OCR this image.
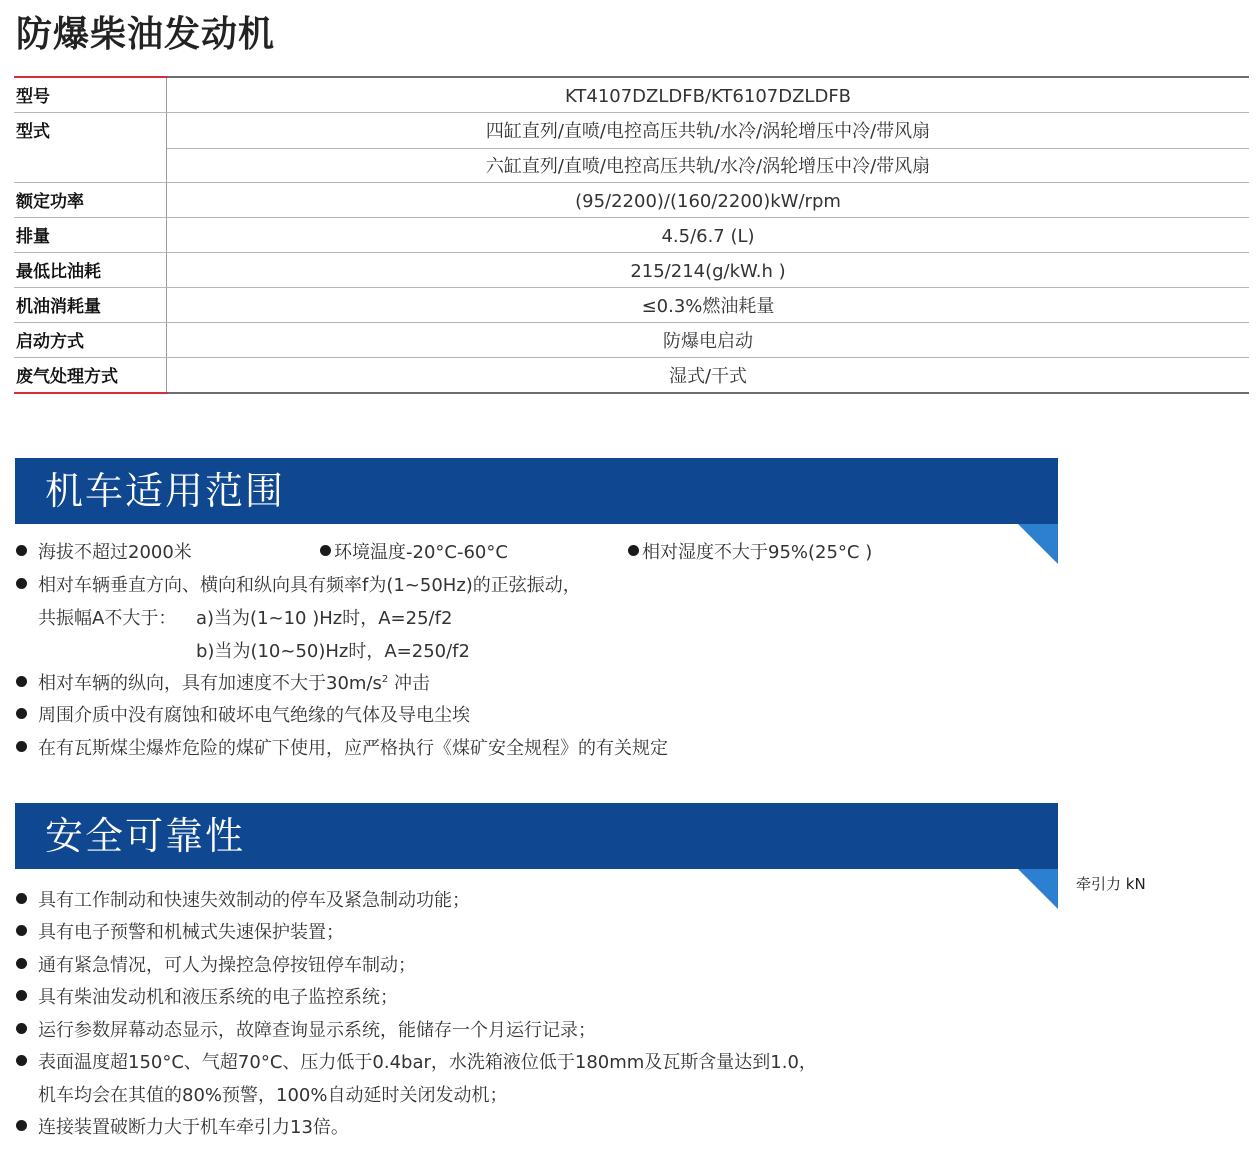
防爆柴油发动机
型号	KT4107DZLDFB/KT6107DZLDFB
型式	四缸直列/直喷/电控高压共轨/水冷/涡轮增压中冷/带风扇
六缸直列/直喷/电控高压共轨/水冷/涡轮增压中冷/带风扇
额定功率	(95/2200)/(160/2200)kW/rpm
排量	4.5/6.7 (L)
最低比油耗	215/214(g/kW.h )
机油消耗量	≤0.3%燃油耗量
启动方式	防爆电启动
废气处理方式	湿式/干式
机车适用范围
海拔不超过2000米	环境温度-20°C-60°C	相对湿度不大于95%(25°C )
相对车辆垂直方向、横向和纵向具有频率f为(1~50Hz)的正弦振动，
共振幅A不大于： a)当为(1~10 )Hz时，A=25/f2
b)当为(10~50)Hz时，A=250/f2
相对车辆的纵向，具有加速度不大于$30m/s^2$ 冲击
周围介质中没有腐蚀和破坏电气绝缘的气体及导电尘埃
在有瓦斯煤尘爆炸危险的煤矿下使用，应严格执行《煤矿安全规程》的有关规定
安全可靠性
牵引力 kN
具有工作制动和快速失效制动的停车及紧急制动功能；
具有电子预警和机械式失速保护装置；
通有紧急情况，可人为操控急停按钮停车制动；
具有柴油发动机和液压系统的电子监控系统；
运行参数屏幕动态显示，故障查询显示系统，能储存一个月运行记录；
表面温度超150°C、气超70°C、压力低于0.4bar，水洗箱液位低于180mm及瓦斯含量达到1.0，
机车均会在其值的80%预警，100%自动延时关闭发动机；
连接装置破断力大于机车牵引力13倍。
